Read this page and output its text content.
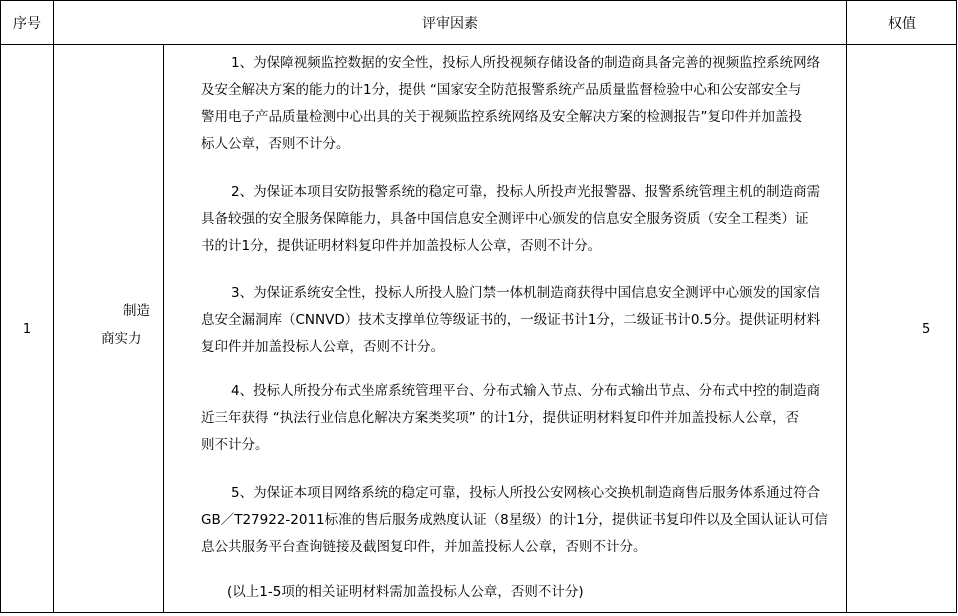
序号	评审因素	权值
1
制造
商实力
5
1、为保障视频监控数据的安全性，投标人所投视频存储设备的制造商具备完善的视频监控系统网络
及安全解决方案的能力的计1分，提供 “国家安全防范报警系统产品质量监督检验中心和公安部安全与
警用电子产品质量检测中心出具的关于视频监控系统网络及安全解决方案的检测报告”复印件并加盖投
标人公章，否则不计分。
2、为保证本项目安防报警系统的稳定可靠，投标人所投声光报警器、报警系统管理主机的制造商需
具备较强的安全服务保障能力，具备中国信息安全测评中心颁发的信息安全服务资质（安全工程类）证
书的计1分，提供证明材料复印件并加盖投标人公章，否则不计分。
3、为保证系统安全性，投标人所投人脸门禁一体机制造商获得中国信息安全测评中心颁发的国家信
息安全漏洞库（CNNVD）技术支撑单位等级证书的，一级证书计1分，二级证书计0.5分。提供证明材料
复印件并加盖投标人公章，否则不计分。
4、投标人所投分布式坐席系统管理平台、分布式输入节点、分布式输出节点、分布式中控的制造商
近三年获得 “执法行业信息化解决方案类奖项” 的计1分，提供证明材料复印件并加盖投标人公章，否
则不计分。
5、为保证本项目网络系统的稳定可靠，投标人所投公安网核心交换机制造商售后服务体系通过符合
GB／T27922-2011标准的售后服务成熟度认证（8星级）的计1分，提供证书复印件以及全国认证认可信
息公共服务平台查询链接及截图复印件，并加盖投标人公章，否则不计分。
(以上1-5项的相关证明材料需加盖投标人公章，否则不计分)
